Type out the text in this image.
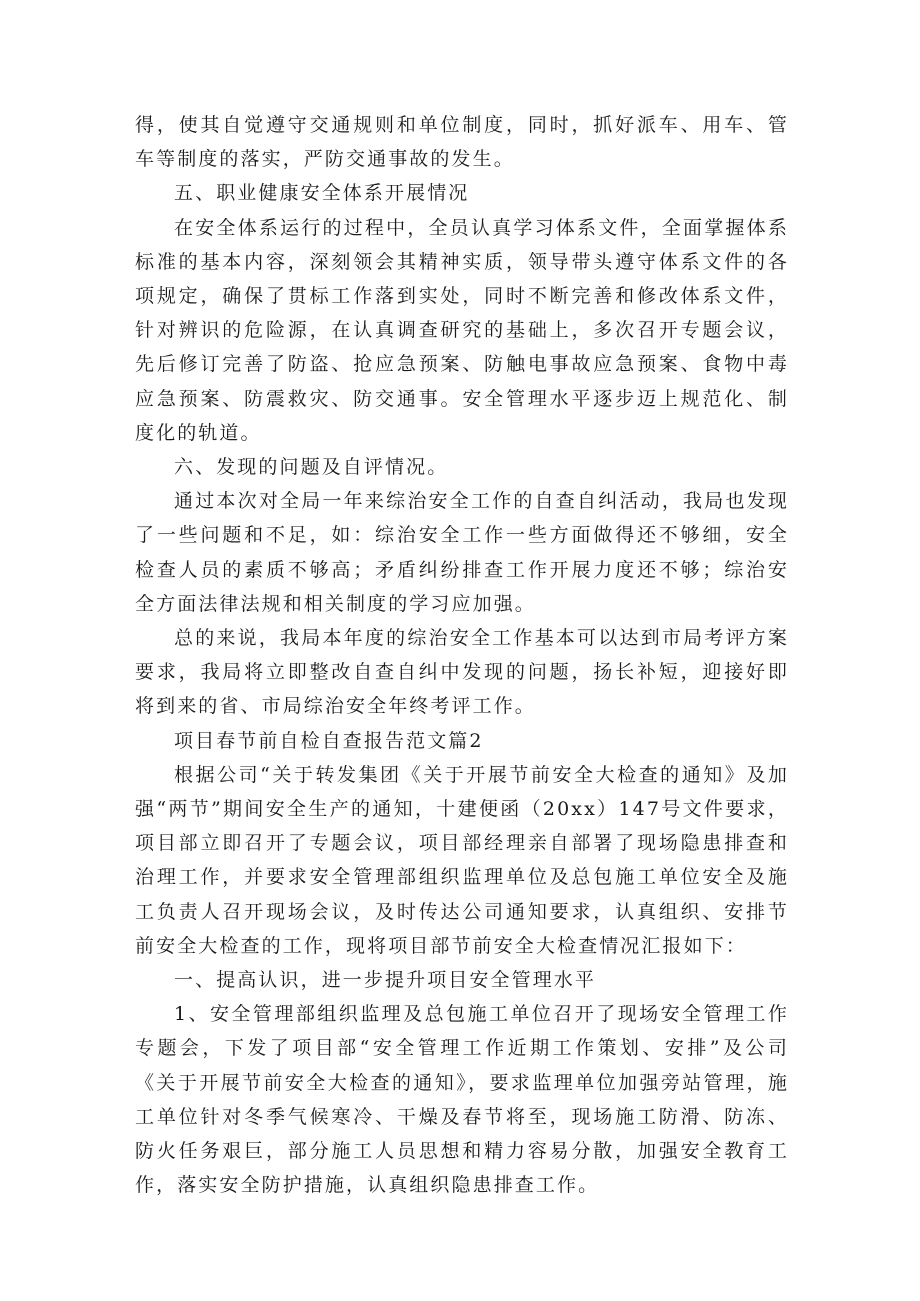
得，使其自觉遵守交通规则和单位制度，同时，抓好派车、用车、管车等制度的落实，严防交通事故的发生。

五、职业健康安全体系开展情况

在安全体系运行的过程中，全员认真学习体系文件，全面掌握体系标准的基本内容，深刻领会其精神实质，领导带头遵守体系文件的各项规定，确保了贯标工作落到实处，同时不断完善和修改体系文件，针对辨识的危险源，在认真调查研究的基础上，多次召开专题会议，先后修订完善了防盗、抢应急预案、防触电事故应急预案、食物中毒应急预案、防震救灾、防交通事。安全管理水平逐步迈上规范化、制度化的轨道。

六、发现的问题及自评情况。

通过本次对全局一年来综治安全工作的自查自纠活动，我局也发现了一些问题和不足，如：综治安全工作一些方面做得还不够细，安全检查人员的素质不够高；矛盾纠纷排查工作开展力度还不够；综治安全方面法律法规和相关制度的学习应加强。

总的来说，我局本年度的综治安全工作基本可以达到市局考评方案要求，我局将立即整改自查自纠中发现的问题，扬长补短，迎接好即将到来的省、市局综治安全年终考评工作。

项目春节前自检自查报告范文篇2

根据公司“关于转发集团《关于开展节前安全大检查的通知》及加强“两节”期间安全生产的通知，十建便函（20xx）147号文件要求，项目部立即召开了专题会议，项目部经理亲自部署了现场隐患排查和治理工作，并要求安全管理部组织监理单位及总包施工单位安全及施工负责人召开现场会议，及时传达公司通知要求，认真组织、安排节前安全大检查的工作，现将项目部节前安全大检查情况汇报如下：

一、提高认识，进一步提升项目安全管理水平

1、安全管理部组织监理及总包施工单位召开了现场安全管理工作专题会，下发了项目部“安全管理工作近期工作策划、安排”及公司《关于开展节前安全大检查的通知》，要求监理单位加强旁站管理，施工单位针对冬季气候寒冷、干燥及春节将至，现场施工防滑、防冻、防火任务艰巨，部分施工人员思想和精力容易分散，加强安全教育工作，落实安全防护措施，认真组织隐患排查工作。
